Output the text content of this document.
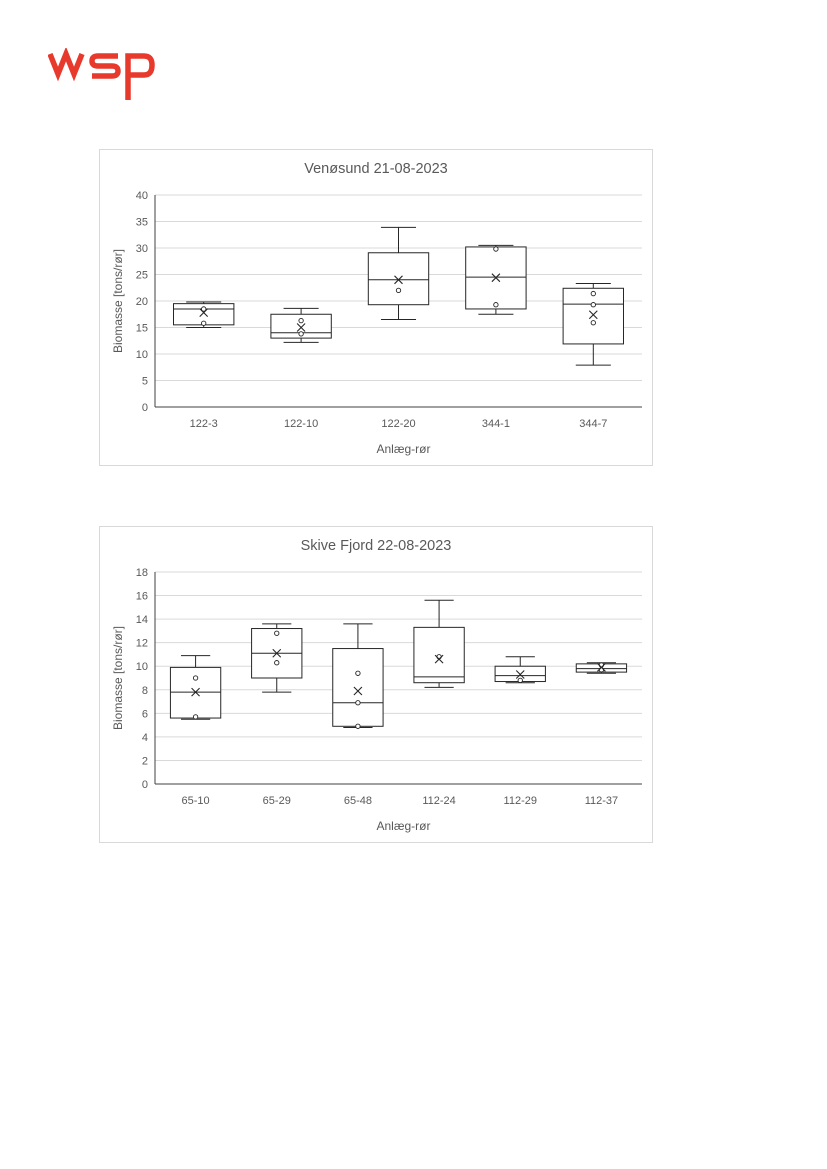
Venøsund 21-08-2023
Biomasse [tons/rør]
Anlæg-rør
0
5
10
15
20
25
30
35
40
122-3	122-10	122-20	344-1	344-7
Skive Fjord 22-08-2023
Biomasse [tons/rør]
Anlæg-rør
0
2
4
6
8
10
12
14
16
18
65-10	65-29	65-48	112-24	112-29	112-37
